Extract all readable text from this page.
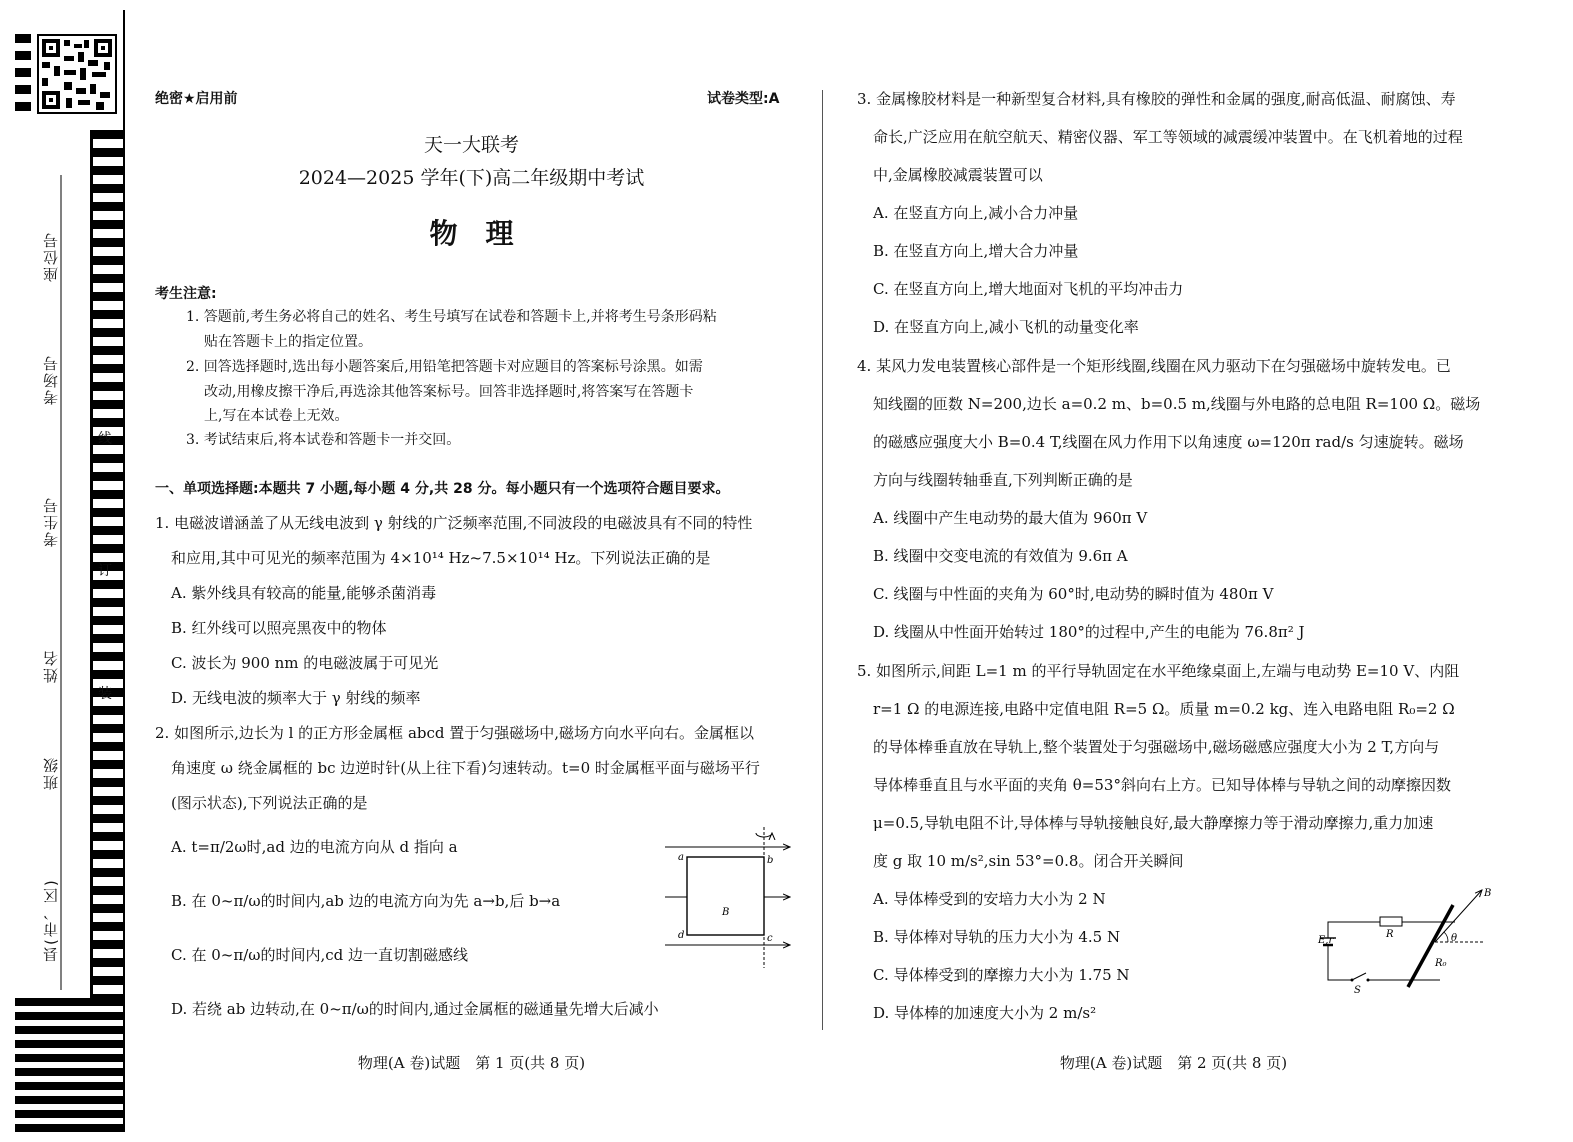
座位号
考场号
考生号
姓名
班级
县(市、区)
线
订
装
绝密★启用前	试卷类型:A
天一大联考
2024—2025 学年(下)高二年级期中考试
物　理
考生注意:
1. 答题前,考生务必将自己的姓名、考生号填写在试卷和答题卡上,并将考生号条形码粘
贴在答题卡上的指定位置。
2. 回答选择题时,选出每小题答案后,用铅笔把答题卡对应题目的答案标号涂黑。如需
改动,用橡皮擦干净后,再选涂其他答案标号。回答非选择题时,将答案写在答题卡
上,写在本试卷上无效。
3. 考试结束后,将本试卷和答题卡一并交回。
一、单项选择题:本题共 7 小题,每小题 4 分,共 28 分。每小题只有一个选项符合题目要求。
1. 电磁波谱涵盖了从无线电波到 γ 射线的广泛频率范围,不同波段的电磁波具有不同的特性
和应用,其中可见光的频率范围为 4×10¹⁴ Hz~7.5×10¹⁴ Hz。下列说法正确的是
A. 紫外线具有较高的能量,能够杀菌消毒
B. 红外线可以照亮黑夜中的物体
C. 波长为 900 nm 的电磁波属于可见光
D. 无线电波的频率大于 γ 射线的频率
2. 如图所示,边长为 l 的正方形金属框 abcd 置于匀强磁场中,磁场方向水平向右。金属框以
角速度 ω 绕金属框的 bc 边逆时针(从上往下看)匀速转动。t=0 时金属框平面与磁场平行
(图示状态),下列说法正确的是
A. t=π/2ω时,ad 边的电流方向从 d 指向 a
B. 在 0~π/ω的时间内,ab 边的电流方向为先 a→b,后 b→a
C. 在 0~π/ω的时间内,cd 边一直切割磁感线
D. 若绕 ab 边转动,在 0~π/ω的时间内,通过金属框的磁通量先增大后减小
a	b
c
d
B
物理(A 卷)试题　第 1 页(共 8 页)
3. 金属橡胶材料是一种新型复合材料,具有橡胶的弹性和金属的强度,耐高低温、耐腐蚀、寿
命长,广泛应用在航空航天、精密仪器、军工等领域的减震缓冲装置中。在飞机着地的过程
中,金属橡胶减震装置可以
A. 在竖直方向上,减小合力冲量
B. 在竖直方向上,增大合力冲量
C. 在竖直方向上,增大地面对飞机的平均冲击力
D. 在竖直方向上,减小飞机的动量变化率
4. 某风力发电装置核心部件是一个矩形线圈,线圈在风力驱动下在匀强磁场中旋转发电。已
知线圈的匝数 N=200,边长 a=0.2 m、b=0.5 m,线圈与外电路的总电阻 R=100 Ω。磁场
的磁感应强度大小 B=0.4 T,线圈在风力作用下以角速度 ω=120π rad/s 匀速旋转。磁场
方向与线圈转轴垂直,下列判断正确的是
A. 线圈中产生电动势的最大值为 960π V
B. 线圈中交变电流的有效值为 9.6π A
C. 线圈与中性面的夹角为 60°时,电动势的瞬时值为 480π V
D. 线圈从中性面开始转过 180°的过程中,产生的电能为 76.8π² J
5. 如图所示,间距 L=1 m 的平行导轨固定在水平绝缘桌面上,左端与电动势 E=10 V、内阻
r=1 Ω 的电源连接,电路中定值电阻 R=5 Ω。质量 m=0.2 kg、连入电路电阻 R₀=2 Ω
的导体棒垂直放在导轨上,整个装置处于匀强磁场中,磁场磁感应强度大小为 2 T,方向与
导体棒垂直且与水平面的夹角 θ=53°斜向右上方。已知导体棒与导轨之间的动摩擦因数
μ=0.5,导轨电阻不计,导体棒与导轨接触良好,最大静摩擦力等于滑动摩擦力,重力加速
度 g 取 10 m/s²,sin 53°=0.8。闭合开关瞬间
A. 导体棒受到的安培力大小为 2 N
B. 导体棒对导轨的压力大小为 4.5 N
C. 导体棒受到的摩擦力大小为 1.75 N
D. 导体棒的加速度大小为 2 m/s²
E,r
R
B
θ
R₀
S
物理(A 卷)试题　第 2 页(共 8 页)
